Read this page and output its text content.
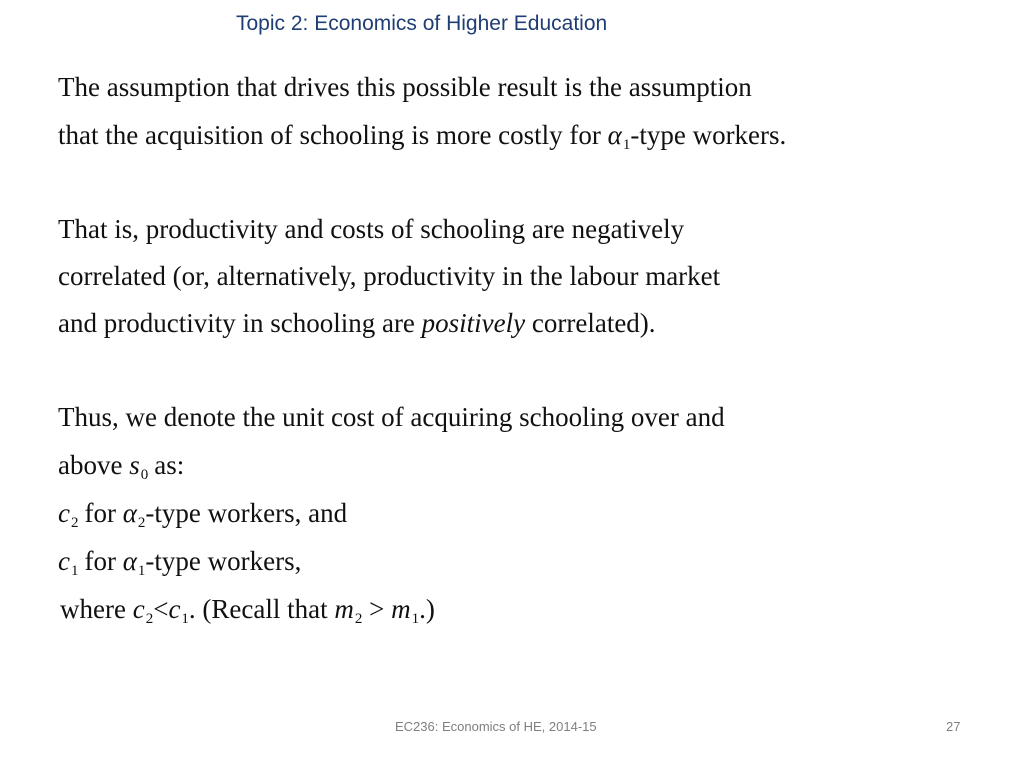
Topic 2: Economics of Higher Education
The assumption that drives this possible result is the assumption
that the acquisition of schooling is more costly for $\alpha_1$-type workers.
That is, productivity and costs of schooling are negatively
correlated (or, alternatively, productivity in the labour market
and productivity in schooling are positively correlated).
Thus, we denote the unit cost of acquiring schooling over and
above $s_0$ as:
$c_2$ for $\alpha_2$-type workers, and
$c_1$ for $\alpha_1$-type workers,
where $c_2<c_1$. (Recall that $m_2 > m_1$.)
EC236: Economics of HE, 2014-15	27
